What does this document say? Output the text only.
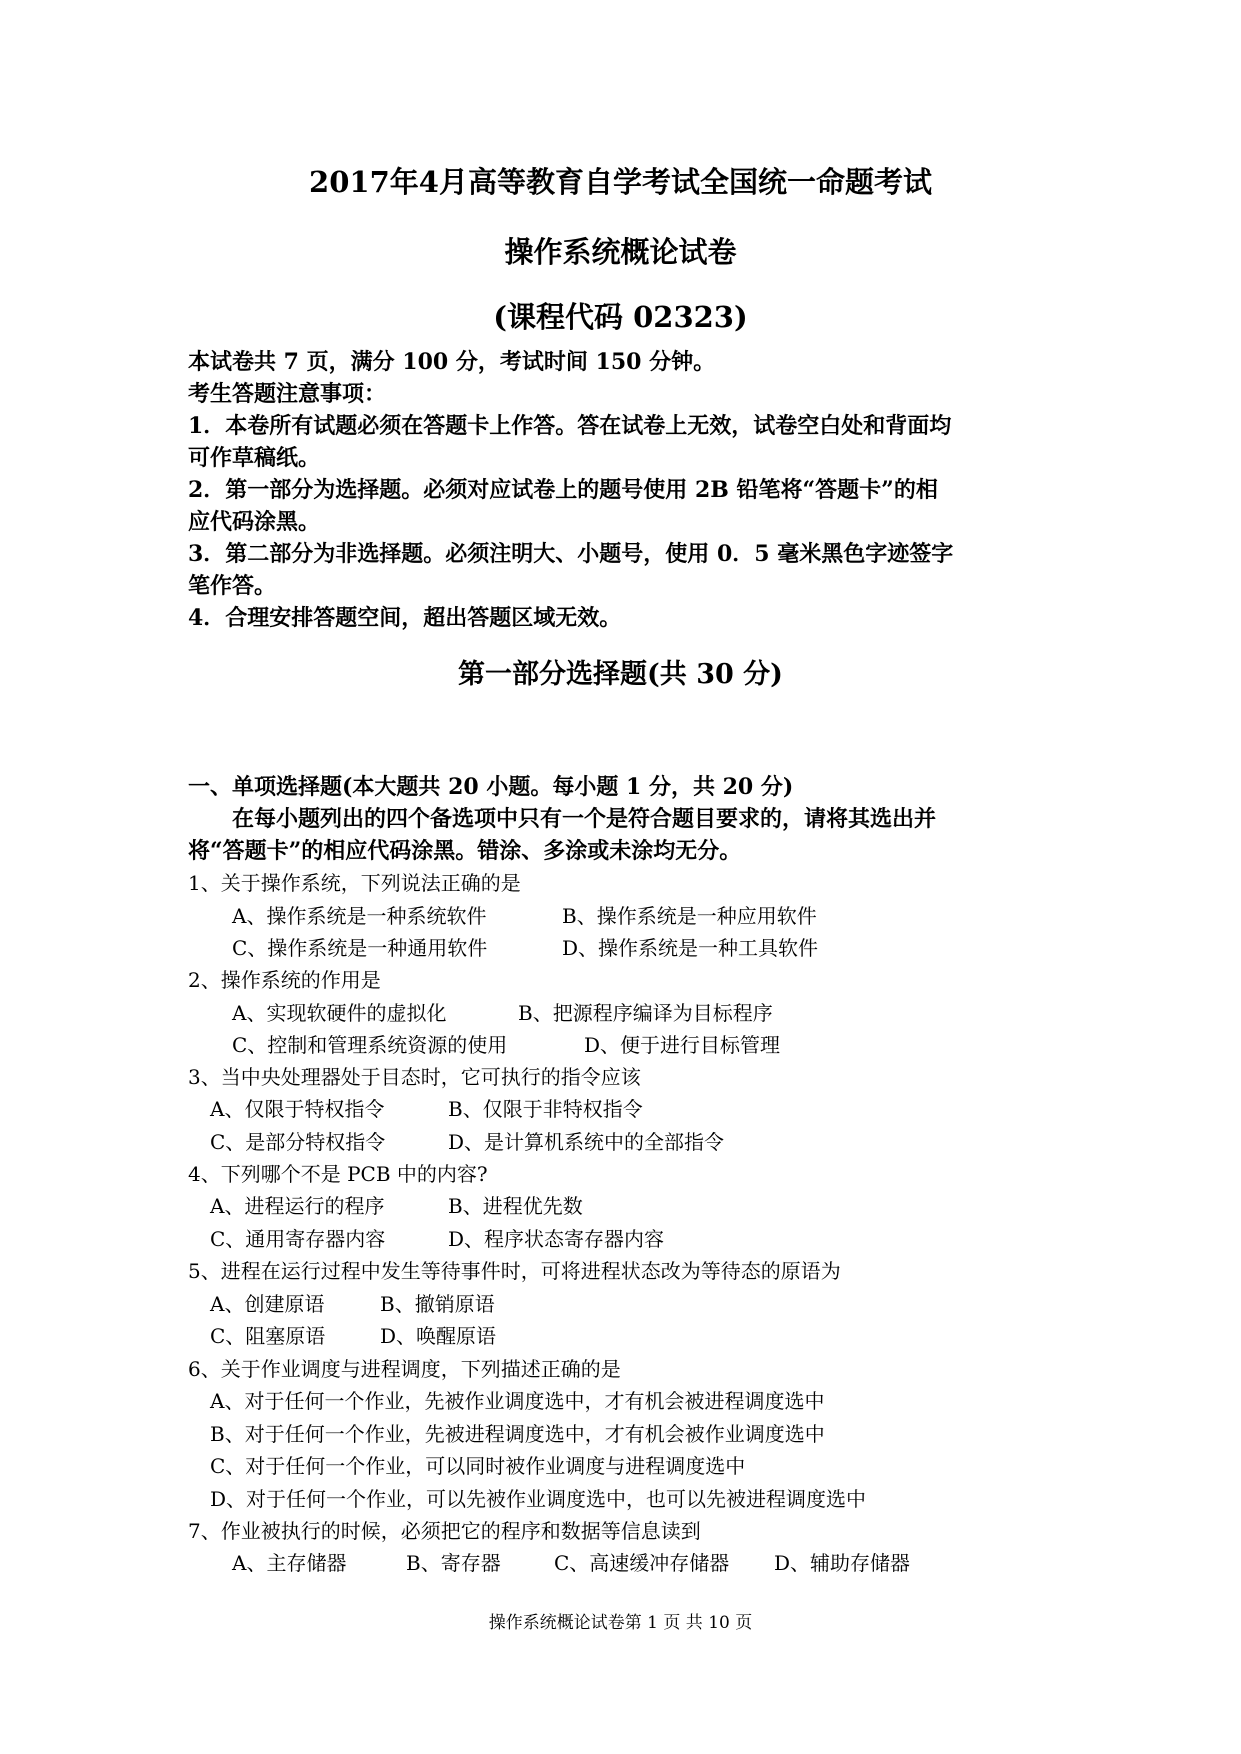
2017年4月高等教育自学考试全国统一命题考试
操作系统概论试卷
(课程代码 02323)
本试卷共 7 页，满分 100 分，考试时间 150 分钟。
考生答题注意事项：
1．本卷所有试题必须在答题卡上作答。答在试卷上无效，试卷空白处和背面均
可作草稿纸。
2．第一部分为选择题。必须对应试卷上的题号使用 2B 铅笔将“答题卡”的相
应代码涂黑。
3．第二部分为非选择题。必须注明大、小题号，使用 0．5 毫米黑色字迹签字
笔作答。
4．合理安排答题空间，超出答题区域无效。
第一部分选择题(共 30 分)
一、单项选择题(本大题共 20 小题。每小题 1 分，共 20 分)
在每小题列出的四个备选项中只有一个是符合题目要求的，请将其选出并
将“答题卡”的相应代码涂黑。错涂、多涂或未涂均无分。
1、关于操作系统，下列说法正确的是
A、操作系统是一种系统软件	B、操作系统是一种应用软件
C、操作系统是一种通用软件	D、操作系统是一种工具软件
2、操作系统的作用是
A、实现软硬件的虚拟化	B、把源程序编译为目标程序
C、控制和管理系统资源的使用	D、便于进行目标管理
3、当中央处理器处于目态时，它可执行的指令应该
A、仅限于特权指令	B、仅限于非特权指令
C、是部分特权指令	D、是计算机系统中的全部指令
4、下列哪个不是 PCB 中的内容?
A、进程运行的程序	B、进程优先数
C、通用寄存器内容	D、程序状态寄存器内容
5、进程在运行过程中发生等待事件时，可将进程状态改为等待态的原语为
A、创建原语	B、撤销原语
C、阻塞原语	D、唤醒原语
6、关于作业调度与进程调度，下列描述正确的是
A、对于任何一个作业，先被作业调度选中，才有机会被进程调度选中
B、对于任何一个作业，先被进程调度选中，才有机会被作业调度选中
C、对于任何一个作业，可以同时被作业调度与进程调度选中
D、对于任何一个作业，可以先被作业调度选中，也可以先被进程调度选中
7、作业被执行的时候，必须把它的程序和数据等信息读到
A、主存储器	B、寄存器	C、高速缓冲存储器 D、辅助存储器
操作系统概论试卷第 1 页 共 10 页
